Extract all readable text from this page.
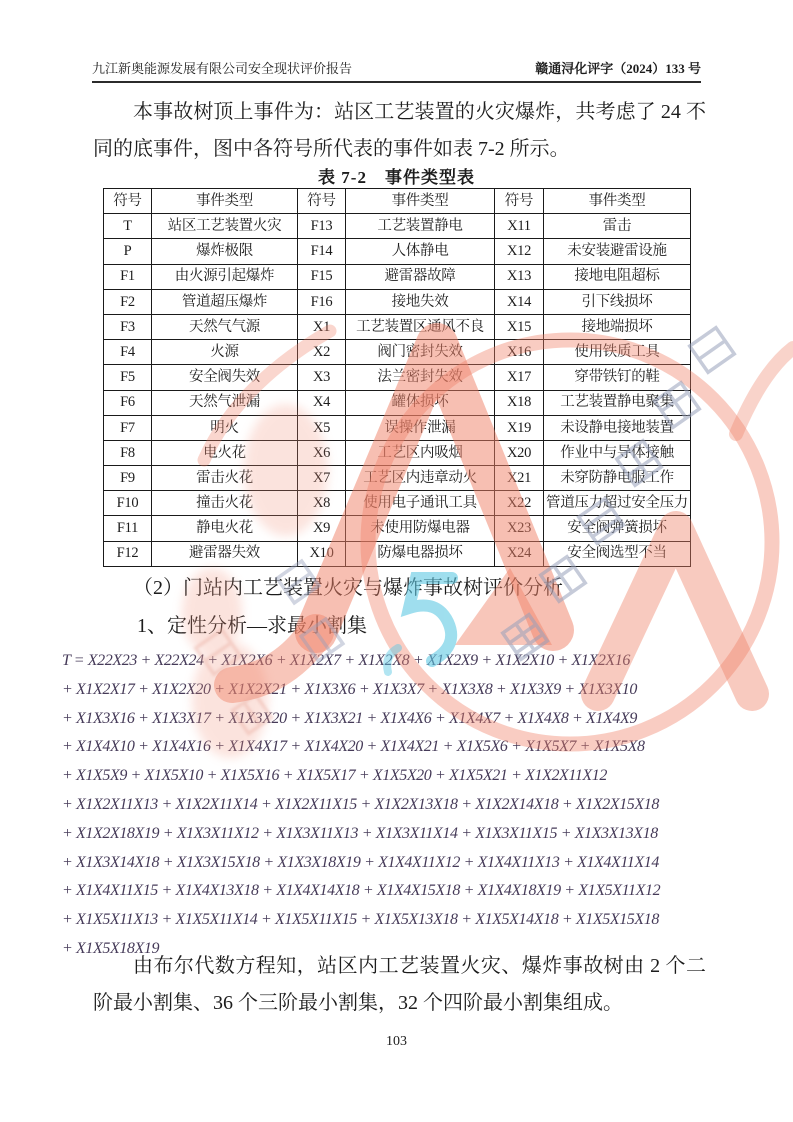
九江新奥能源发展有限公司安全现状评价报告	赣通浔化评字（2024）133 号
本事故树顶上事件为：站区工艺装置的火灾爆炸，共考虑了 24 不同的底事件，图中各符号所代表的事件如表 7-2 所示。
表 7-2　事件类型表
符号	事件类型	符号	事件类型	符号	事件类型
T	站区工艺装置火灾	F13	工艺装置静电	X11	雷击
P	爆炸极限	F14	人体静电	X12	未安装避雷设施
F1	由火源引起爆炸	F15	避雷器故障	X13	接地电阻超标
F2	管道超压爆炸	F16	接地失效	X14	引下线损坏
F3	天然气气源	X1	工艺装置区通风不良	X15	接地端损坏
F4	火源	X2	阀门密封失效	X16	使用铁质工具
F5	安全阀失效	X3	法兰密封失效	X17	穿带铁钉的鞋
F6	天然气泄漏	X4	罐体损坏	X18	工艺装置静电聚集
F7	明火	X5	误操作泄漏	X19	未设静电接地装置
F8	电火花	X6	工艺区内吸烟	X20	作业中与导体接触
F9	雷击火花	X7	工艺区内违章动火	X21	未穿防静电服工作
F10	撞击火花	X8	使用电子通讯工具	X22	管道压力超过安全压力
F11	静电火花	X9	未使用防爆电器	X23	安全阀弹簧损坏
F12	避雷器失效	X10	防爆电器损坏	X24	安全阀选型不当
（2）门站内工艺装置火灾与爆炸事故树评价分析
1、定性分析—求最小割集
T = X22X23 + X22X24 + X1X2X6 + X1X2X7 + X1X2X8 + X1X2X9 + X1X2X10 + X1X2X16
+ X1X2X17 + X1X2X20 + X1X2X21 + X1X3X6 + X1X3X7 + X1X3X8 + X1X3X9 + X1X3X10
+ X1X3X16 + X1X3X17 + X1X3X20 + X1X3X21 + X1X4X6 + X1X4X7 + X1X4X8 + X1X4X9
+ X1X4X10 + X1X4X16 + X1X4X17 + X1X4X20 + X1X4X21 + X1X5X6 + X1X5X7 + X1X5X8
+ X1X5X9 + X1X5X10 + X1X5X16 + X1X5X17 + X1X5X20 + X1X5X21 + X1X2X11X12
+ X1X2X11X13 + X1X2X11X14 + X1X2X11X15 + X1X2X13X18 + X1X2X14X18 + X1X2X15X18
+ X1X2X18X19 + X1X3X11X12 + X1X3X11X13 + X1X3X11X14 + X1X3X11X15 + X1X3X13X18
+ X1X3X14X18 + X1X3X15X18 + X1X3X18X19 + X1X4X11X12 + X1X4X11X13 + X1X4X11X14
+ X1X4X11X15 + X1X4X13X18 + X1X4X14X18 + X1X4X15X18 + X1X4X18X19 + X1X5X11X12
+ X1X5X11X13 + X1X5X11X14 + X1X5X11X15 + X1X5X13X18 + X1X5X14X18 + X1X5X15X18
+ X1X5X18X19
由布尔代数方程知，站区内工艺装置火灾、爆炸事故树由 2 个二阶最小割集、36 个三阶最小割集，32 个四阶最小割集组成。
103
